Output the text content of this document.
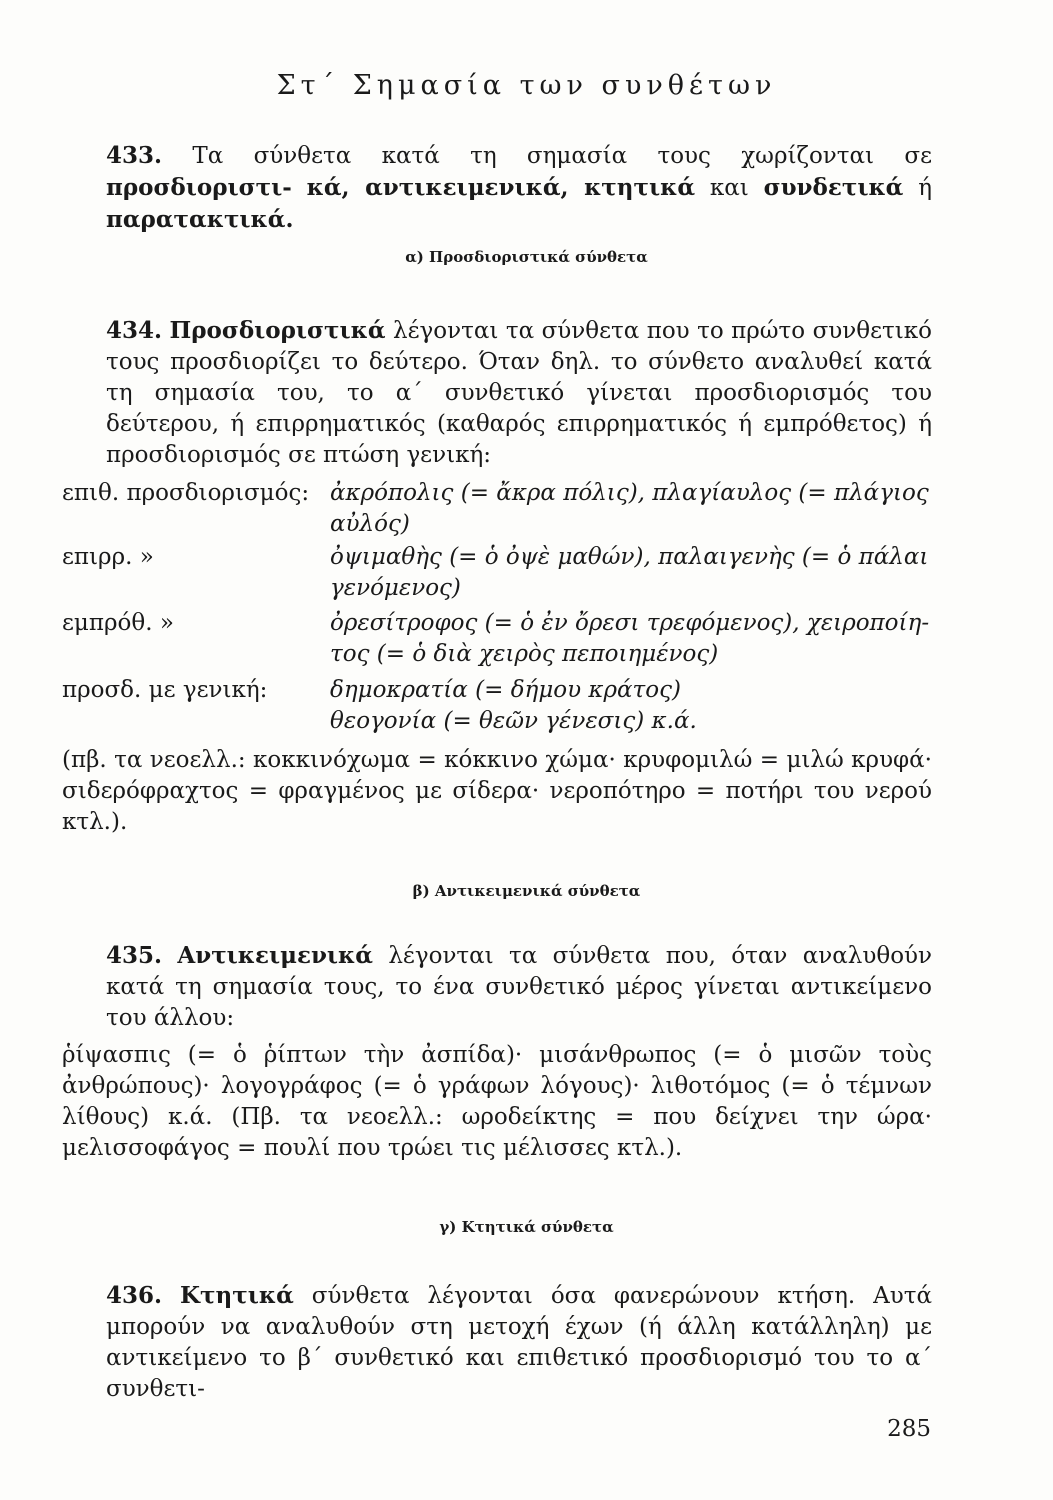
Στ΄ Σημασία των συνθέτων
433. Τα σύνθετα κατά τη σημασία τους χωρίζονται σε προσδιοριστι- κά, αντικειμενικά, κτητικά και συνδετικά ή παρατακτικά.
α) Προσδιοριστικά σύνθετα
434. Προσδιοριστικά λέγονται τα σύνθετα που το πρώτο συνθετικό τους προσδιορίζει το δεύτερο. Όταν δηλ. το σύνθετο αναλυθεί κατά τη σημασία του, το α΄ συνθετικό γίνεται προσδιορισμός του δεύτερου, ή επιρρηματικός (καθαρός επιρρηματικός ή εμπρόθετος) ή προσδιορισμός σε πτώση γενική:
επιθ. προσδιορισμός: ἀκρόπολις (= ἄκρα πόλις), πλαγίαυλος (= πλάγιος
αὐλός)
επιρρ. »	ὀψιμαθὴς (= ὁ ὀψὲ μαθών), παλαιγενὴς (= ὁ πάλαι
γενόμενος)
εμπρόθ. »	ὀρεσίτροφος (= ὁ ἐν ὄρεσι τρεφόμενος), χειροποίη-
τος (= ὁ διὰ χειρὸς πεποιημένος)
προσδ. με γενική:	δημοκρατία (= δήμου κράτος)
θεογονία (= θεῶν γένεσις) κ.ά.
(πβ. τα νεοελλ.: κοκκινόχωμα = κόκκινο χώμα· κρυφομιλώ = μιλώ κρυφά· σιδερόφραχτος = φραγμένος με σίδερα· νεροπότηρο = ποτήρι του νερού κτλ.).
β) Αντικειμενικά σύνθετα
435. Αντικειμενικά λέγονται τα σύνθετα που, όταν αναλυθούν κατά τη σημασία τους, το ένα συνθετικό μέρος γίνεται αντικείμενο του άλλου:
ῥίψασπις (= ὁ ῥίπτων τὴν ἀσπίδα)· μισάνθρωπος (= ὁ μισῶν τοὺς ἀνθρώπους)· λογογράφος (= ὁ γράφων λόγους)· λιθοτόμος (= ὁ τέμνων λίθους) κ.ά. (Πβ. τα νεοελλ.: ωροδείκτης = που δείχνει την ώρα· μελισσοφάγος = πουλί που τρώει τις μέλισσες κτλ.).
γ) Κτητικά σύνθετα
436. Κτητικά σύνθετα λέγονται όσα φανερώνουν κτήση. Αυτά μπορούν να αναλυθούν στη μετοχή έχων (ή άλλη κατάλληλη) με αντικείμενο το β΄ συνθετικό και επιθετικό προσδιορισμό του το α΄ συνθετι-
285
